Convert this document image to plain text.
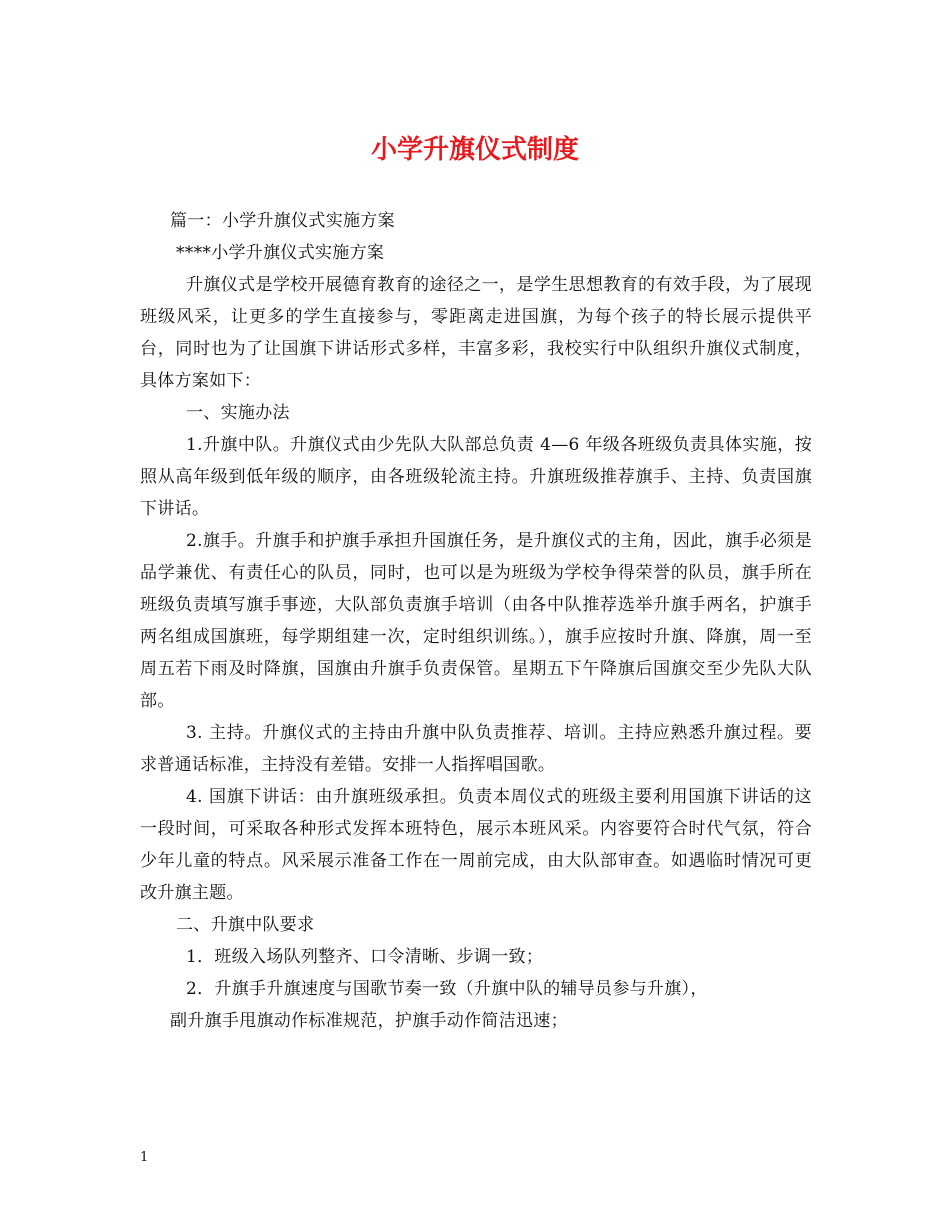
小学升旗仪式制度

篇一：小学升旗仪式实施方案

****小学升旗仪式实施方案

升旗仪式是学校开展德育教育的途径之一，是学生思想教育的有效手段，为了展现班级风采，让更多的学生直接参与，零距离走进国旗，为每个孩子的特长展示提供平台，同时也为了让国旗下讲话形式多样，丰富多彩，我校实行中队组织升旗仪式制度，具体方案如下：

一、实施办法

1.升旗中队。升旗仪式由少先队大队部总负责 4—6 年级各班级负责具体实施，按照从高年级到低年级的顺序，由各班级轮流主持。升旗班级推荐旗手、主持、负责国旗下讲话。

2.旗手。升旗手和护旗手承担升国旗任务，是升旗仪式的主角，因此，旗手必须是品学兼优、有责任心的队员，同时，也可以是为班级为学校争得荣誉的队员，旗手所在班级负责填写旗手事迹，大队部负责旗手培训（由各中队推荐选举升旗手两名，护旗手两名组成国旗班，每学期组建一次，定时组织训练。），旗手应按时升旗、降旗，周一至周五若下雨及时降旗，国旗由升旗手负责保管。星期五下午降旗后国旗交至少先队大队部。

3. 主持。升旗仪式的主持由升旗中队负责推荐、培训。主持应熟悉升旗过程。要求普通话标准，主持没有差错。安排一人指挥唱国歌。

4. 国旗下讲话：由升旗班级承担。负责本周仪式的班级主要利用国旗下讲话的这一段时间，可采取各种形式发挥本班特色，展示本班风采。内容要符合时代气氛，符合少年儿童的特点。风采展示准备工作在一周前完成，由大队部审查。如遇临时情况可更改升旗主题。

二、升旗中队要求

1．班级入场队列整齐、口令清晰、步调一致；

2．升旗手升旗速度与国歌节奏一致（升旗中队的辅导员参与升旗），

副升旗手甩旗动作标准规范，护旗手动作简洁迅速；

1
